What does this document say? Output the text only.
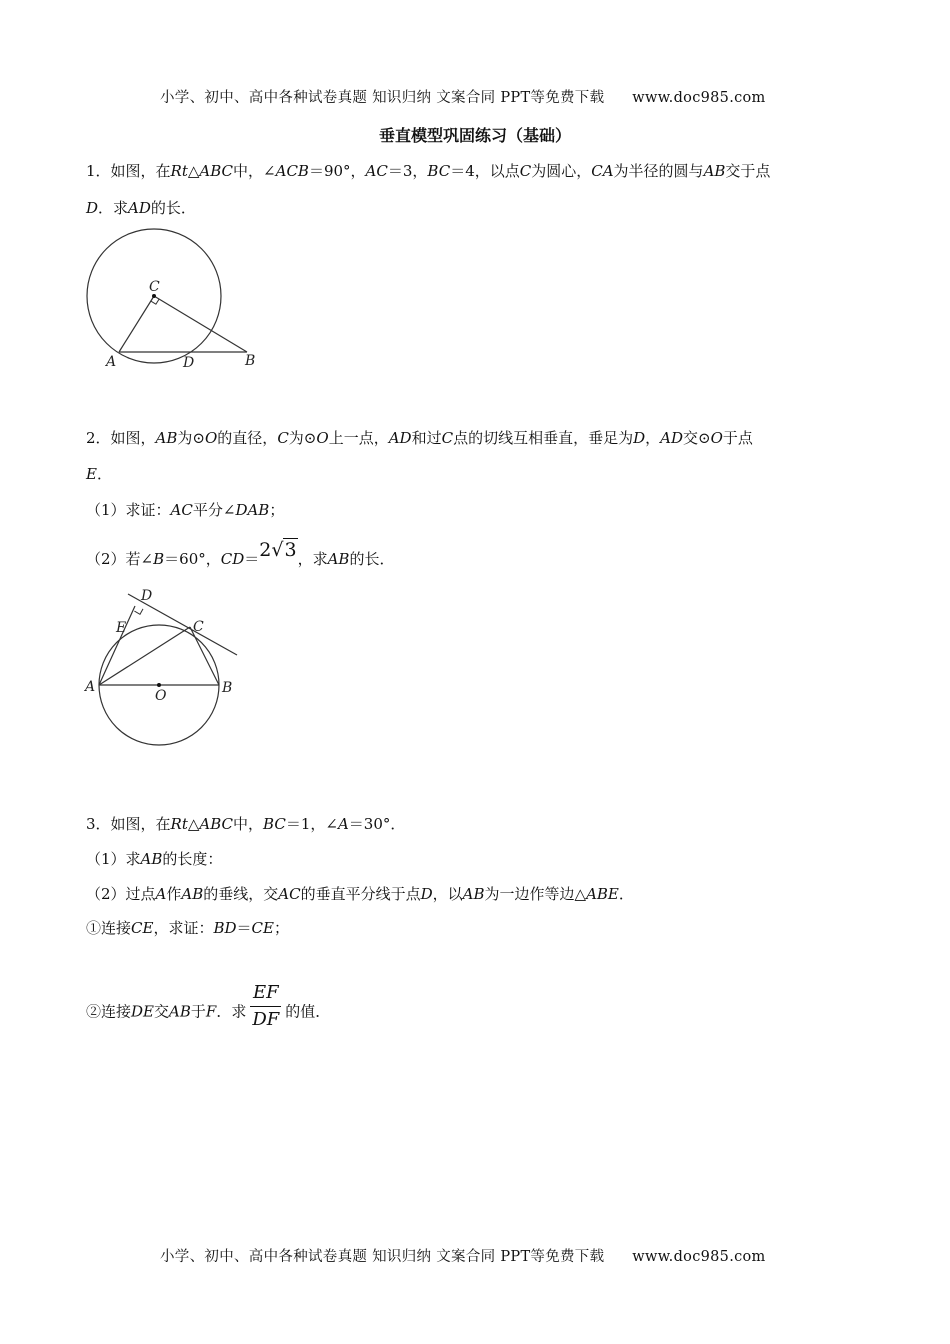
小学、初中、高中各种试卷真题 知识归纳 文案合同 PPT等免费下载 www.doc985.com
垂直模型巩固练习（基础）
1．如图，在Rt△ABC中，∠ACB＝90°，AC＝3，BC＝4，以点C为圆心，CA为半径的圆与AB交于点
D．求AD的长．
C
A	D	B
2．如图，AB为⊙O的直径，C为⊙O上一点，AD和过C点的切线互相垂直，垂足为D，AD交⊙O于点
E．
（1）求证：AC平分∠DAB；
（2）若∠B＝60°，CD＝2√3，求AB的长．
D
E	C
A	B
O
3．如图，在Rt△ABC中，BC＝1，∠A＝30°．
（1）求AB的长度：
（2）过点A作AB的垂线，交AC的垂直平分线于点D，以AB为一边作等边△ABE．
①连接CE，求证：BD＝CE；
②连接DE交AB于F．求 $\frac{EF}{DF}$ 的值．
小学、初中、高中各种试卷真题 知识归纳 文案合同 PPT等免费下载 www.doc985.com
